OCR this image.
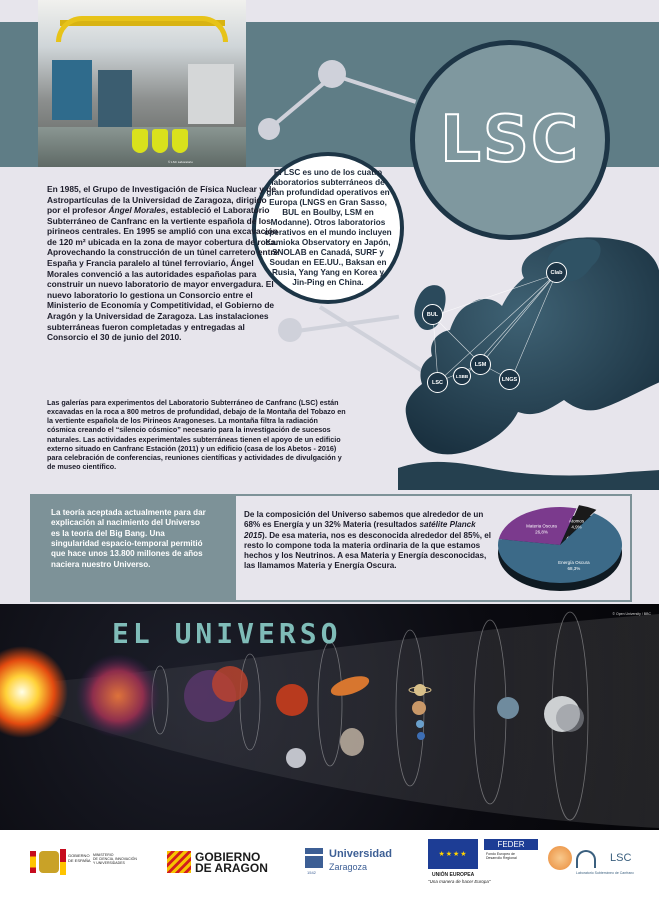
© LSC Laboratorio	LSC
Clab
BUL
LSM
LSBB
LSC	LNGS

El LSC es uno de los cuatro laboratorios subterráneos de gran profundidad operativos en Europa (LNGS en Gran Sasso, BUL en Boulby, LSM en Modanne). Otros laboratorios operativos en el mundo incluyen Kamioka Observatory en Japón, SNOLAB en Canadá, SURF y Soudan en EE.UU., Baksan en Rusia, Yang Yang en Korea y Jin-Ping en China.

En 1985, el Grupo de Investigación de Física Nuclear y de Astropartículas de la Universidad de Zaragoza, dirigido por el profesor Ángel Morales, estableció el Laboratorio Subterráneo de Canfranc en la vertiente española de los pirineos centrales. En 1995 se amplió con una excavación de 120 m² ubicada en la zona de mayor cobertura de roca. Aprovechando la construcción de un túnel carretero entre España y Francia paralelo al túnel ferroviario, Ángel Morales convenció a las autoridades españolas para construir un nuevo laboratorio de mayor envergadura. El nuevo laboratorio lo gestiona un Consorcio entre el Ministerio de Economía y Competitividad, el Gobierno de Aragón y la Universidad de Zaragoza. Las instalaciones subterráneas fueron completadas y entregadas al Consorcio el 30 de junio del 2010.

Las galerías para experimentos del Laboratorio Subterráneo de Canfranc (LSC) están excavadas en la roca a 800 metros de profundidad, debajo de la Montaña del Tobazo en la vertiente española de los Pirineos Aragoneses. La montaña filtra la radiación cósmica creando el “silencio cósmico” necesario para la investigación de sucesos naturales. Las actividades experimentales subterráneas tienen el apoyo de un edificio externo situado en Canfranc Estación (2011) y un edificio (casa de los Abetos - 2016) para celebración de conferencias, reuniones científicas y actividades de divulgación y de museo científico.

La teoría aceptada actualmente para dar explicación al nacimiento del Universo es la teoría del Big Bang. Una singularidad espacio-temporal permitió que hace unos 13.800 millones de años naciera nuestro Universo.

De la composición del Universo sabemos que alrededor de un 68% es Energía y un 32% Materia (resultados satélite Planck 2015). De esa materia, nos es desconocida alrededor del 85%, el resto lo compone toda la materia ordinaria de la que estamos hechos y los Neutrinos. A esa Materia y Energía desconocidas, las llamamos Materia y Energía Oscura.

Materia Oscura
26,8%
Átomos
4,9%
Energía Oscura
68,3%
EL UNIVERSO
© Open University / BBC
GOBIERNO
DE ESPAÑA
MINISTERIO
DE CIENCIA, INNOVACIÓN
Y UNIVERSIDADES	GOBIERNO
DE ARAGON	1542
Universidad
Zaragoza
★★★★
FEDER
Fondo Europeo de
Desarrollo Regional
UNIÓN EUROPEA
"Una manera de hacer Europa"
LSC
Laboratorio Subterráneo de Canfranc
